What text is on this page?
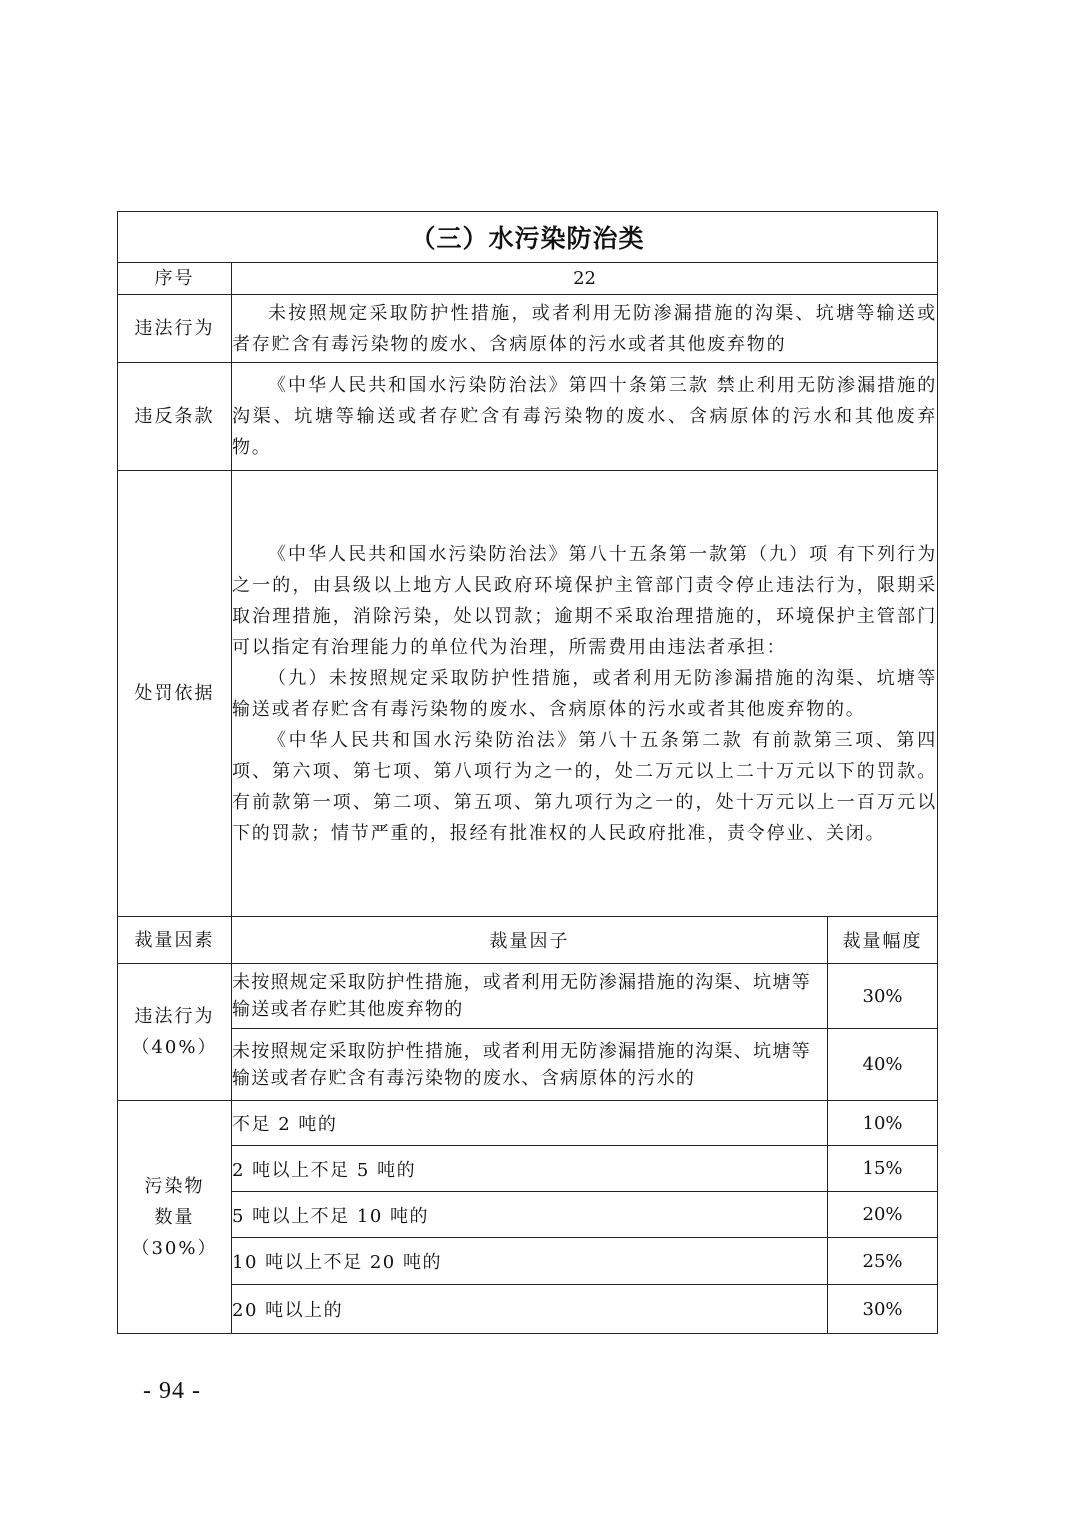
（三）水污染防治类		
序号	22	
违法行为	未按照规定采取防护性措施，或者利用无防渗漏措施的沟渠、坑塘等输送或者存贮含有毒污染物的废水、含病原体的污水或者其他废弃物的	

违反条款	《中华人民共和国水污染防治法》第四十条第三款 禁止利用无防渗漏措施的沟渠、坑塘等输送或者存贮含有毒污染物的废水、含病原体的污水和其他废弃物。	

处罚依据	《中华人民共和国水污染防治法》第八十五条第一款第（九）项 有下列行为之一的，由县级以上地方人民政府环境保护主管部门责令停止违法行为，限期采取治理措施，消除污染，处以罚款；逾期不采取治理措施的，环境保护主管部门可以指定有治理能力的单位代为治理，所需费用由违法者承担：

（九）未按照规定采取防护性措施，或者利用无防渗漏措施的沟渠、坑塘等输送或者存贮含有毒污染物的废水、含病原体的污水或者其他废弃物的。

《中华人民共和国水污染防治法》第八十五条第二款 有前款第三项、第四项、第六项、第七项、第八项行为之一的，处二万元以上二十万元以下的罚款。有前款第一项、第二项、第五项、第九项行为之一的，处十万元以上一百万元以下的罚款；情节严重的，报经有批准权的人民政府批准，责令停业、关闭。	

裁量因素	裁量因子	裁量幅度

违法行为
（40%）	未按照规定采取防护性措施，或者利用无防渗漏措施的沟渠、坑塘等输送或者存贮其他废弃物的	30%
	未按照规定采取防护性措施，或者利用无防渗漏措施的沟渠、坑塘等输送或者存贮含有毒污染物的废水、含病原体的污水的	40%

污染物
数量
（30%）	不足 2 吨的	10%
	2 吨以上不足 5 吨的	15%
	5 吨以上不足 10 吨的	20%
	10 吨以上不足 20 吨的	25%
	20 吨以上的	30%
- 94 -
